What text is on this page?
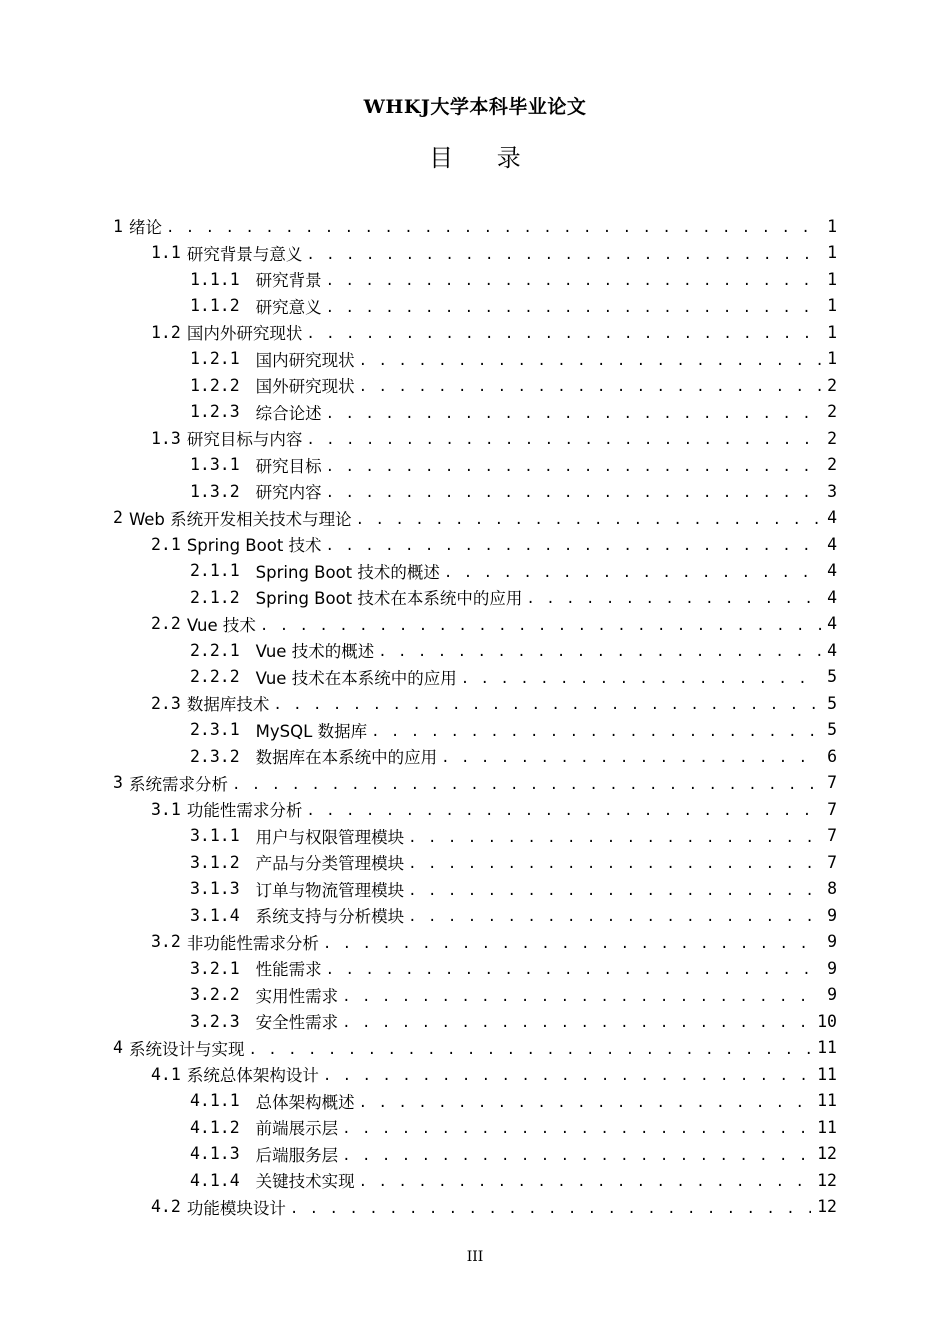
WHKJ大学本科毕业论文
目 录
1 绪论 . . .	1
1.1 研究背景与意义 . . .	1
1.1.1 研究背景 . . .	1
1.1.2 研究意义 . . .	1
1.2 国内外研究现状 . . .	1
1.2.1 国内研究现状 . . .	1
1.2.2 国外研究现状 . . .	2
1.2.3 综合论述 . . .	2
1.3 研究目标与内容 . . .	2
1.3.1 研究目标 . . .	2
1.3.2 研究内容 . . .	3
2 Web 系统开发相关技术与理论 . . .	4
2.1 Spring Boot 技术 . . .	4
2.1.1 Spring Boot 技术的概述 . . .	4
2.1.2 Spring Boot 技术在本系统中的应用 . . .	4
2.2 Vue 技术 . . .	4
2.2.1 Vue 技术的概述 . . .	4
2.2.2 Vue 技术在本系统中的应用 . . .	5
2.3 数据库技术 . . .	5
2.3.1 MySQL 数据库 . . .	5
2.3.2 数据库在本系统中的应用 . . .	6
3 系统需求分析 . . .	7
3.1 功能性需求分析 . . .	7
3.1.1 用户与权限管理模块 . . .	7
3.1.2 产品与分类管理模块 . . .	7
3.1.3 订单与物流管理模块 . . .	8
3.1.4 系统支持与分析模块 . . .	9
3.2 非功能性需求分析 . . .	9
3.2.1 性能需求 . . .	9
3.2.2 实用性需求 . . .	9
3.2.3 安全性需求 . . .	10
4 系统设计与实现 . . .	11
4.1 系统总体架构设计 . . .	11
4.1.1 总体架构概述 . . .	11
4.1.2 前端展示层 . . .	11
4.1.3 后端服务层 . . .	12
4.1.4 关键技术实现 . . .	12
4.2 功能模块设计 . . .	12
III
